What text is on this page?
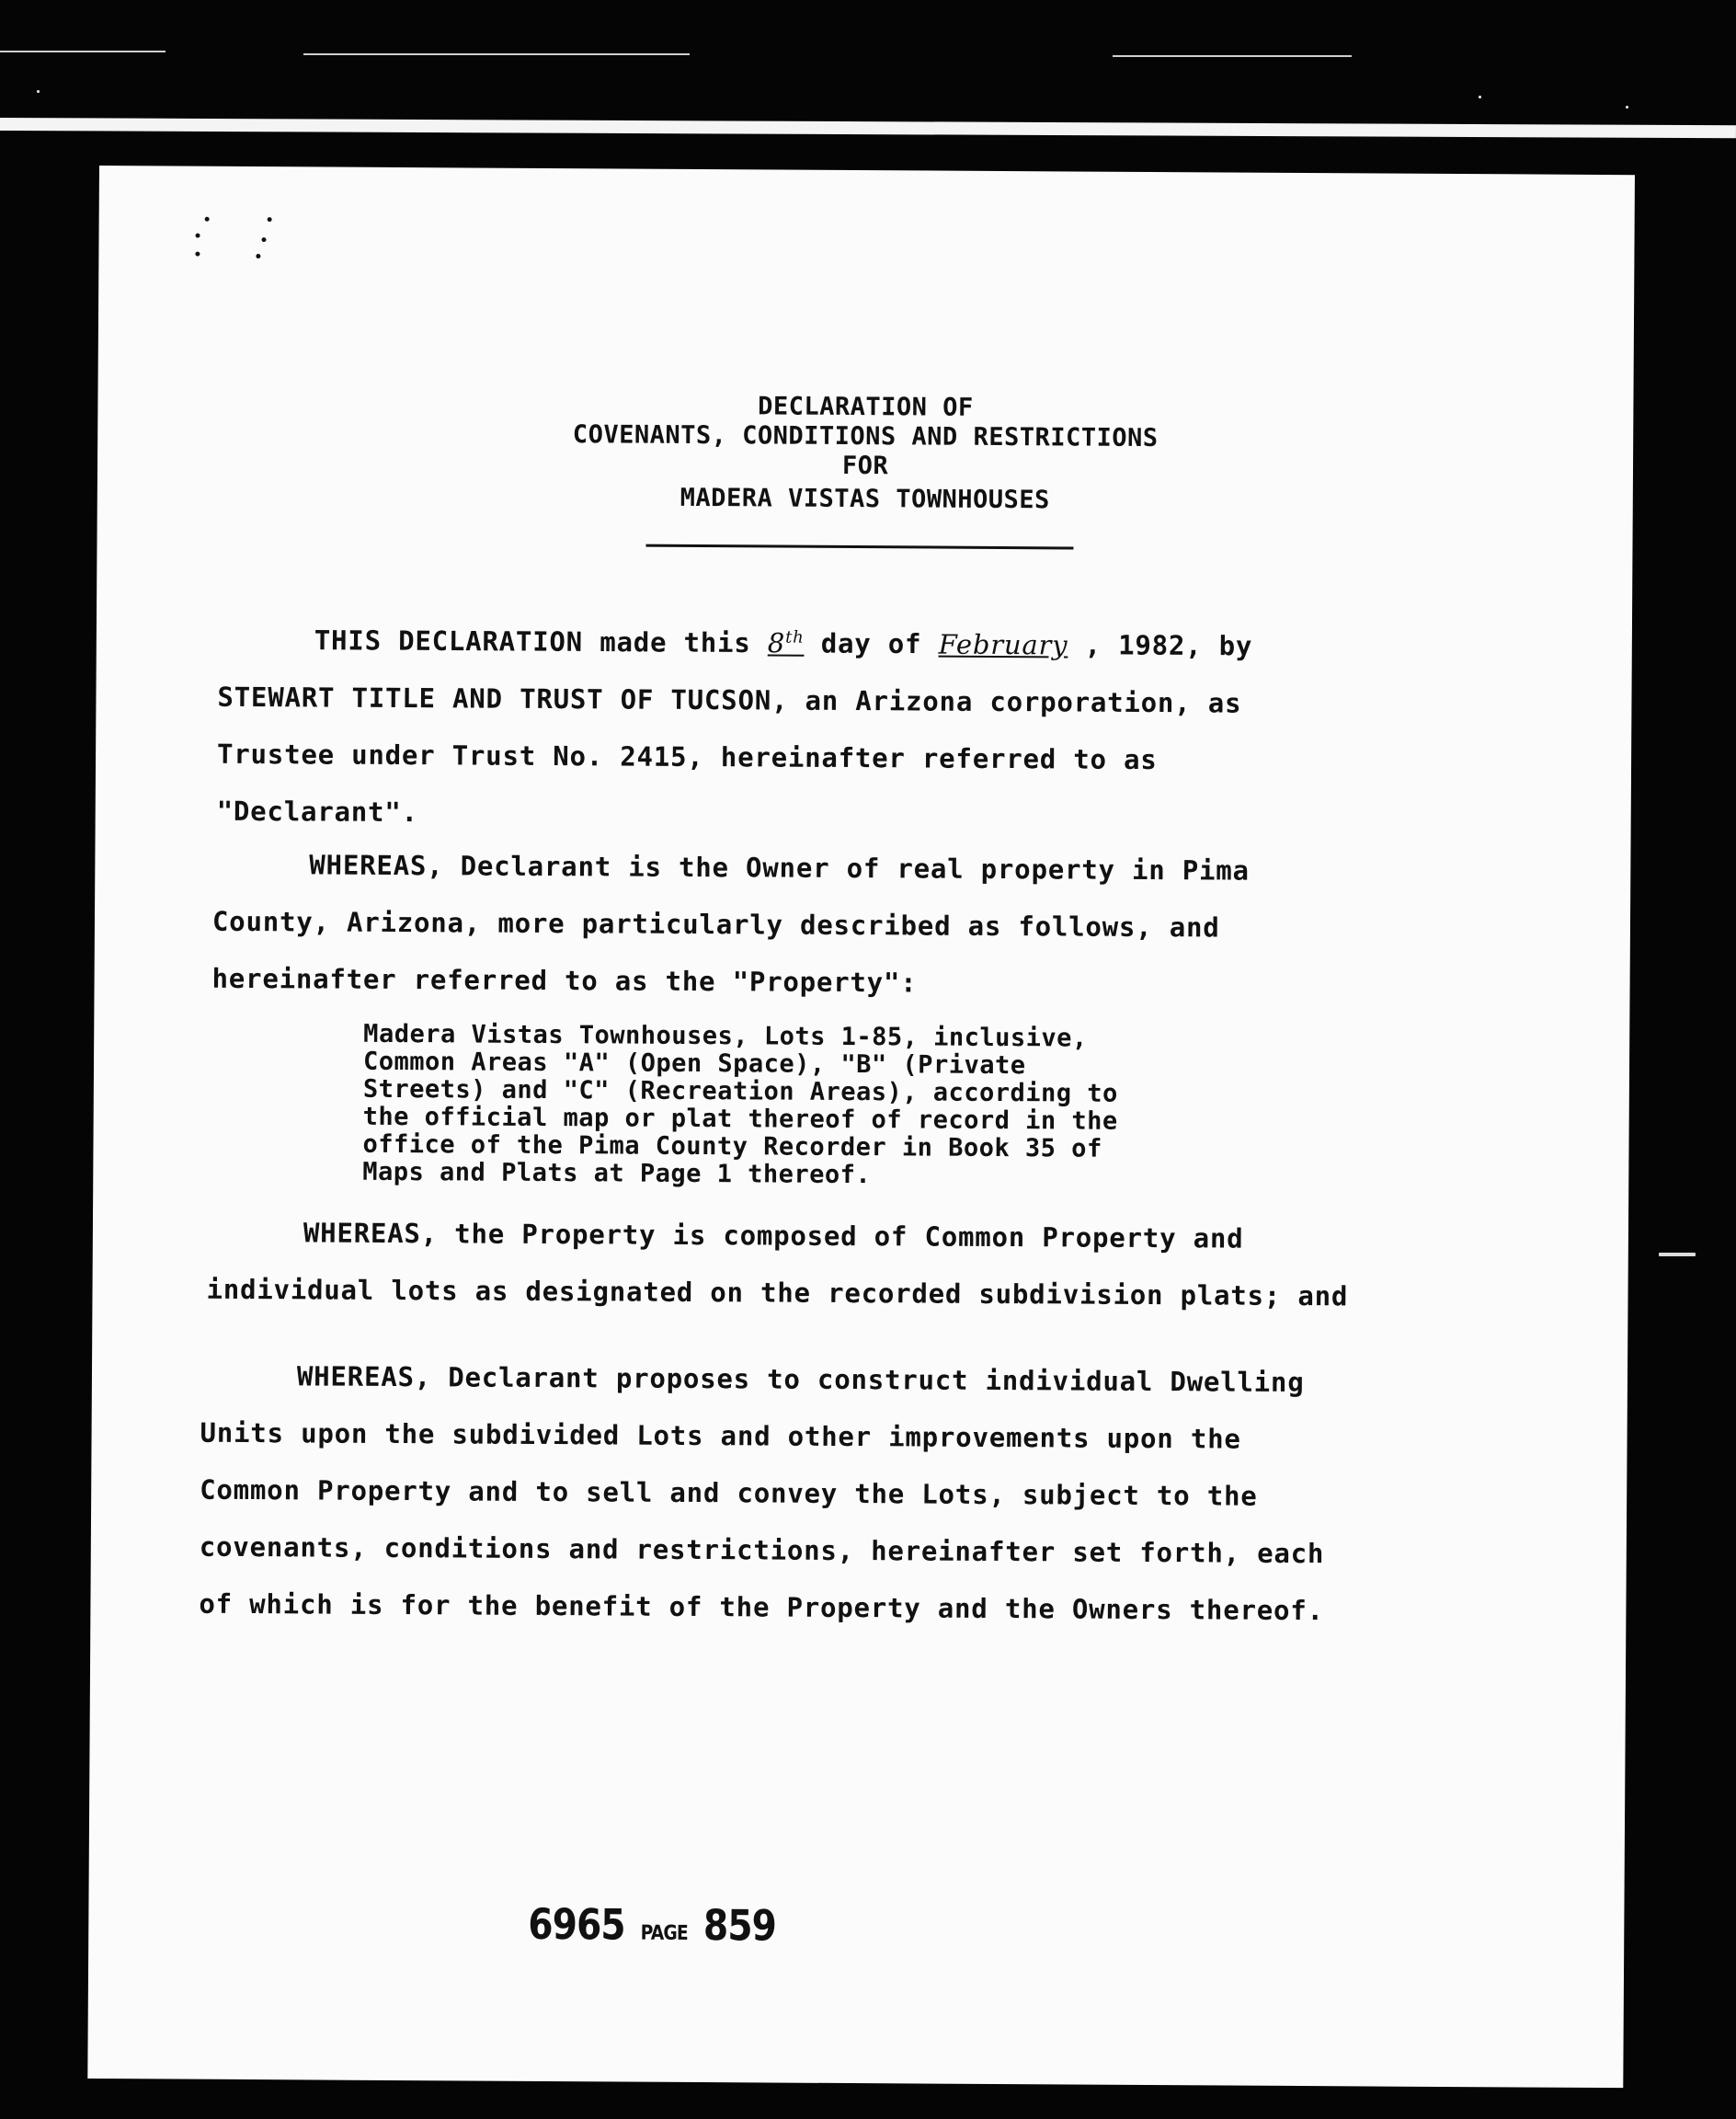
DECLARATION OF
COVENANTS, CONDITIONS AND RESTRICTIONS
FOR

MADERA VISTAS TOWNHOUSES

THIS DECLARATION made this 8th day of February , 1982, by STEWART TITLE AND TRUST OF TUCSON, an Arizona corporation, as Trustee under Trust No. 2415, hereinafter referred to as "Declarant".

WHEREAS, Declarant is the Owner of real property in Pima County, Arizona, more particularly described as follows, and hereinafter referred to as the "Property":

Madera Vistas Townhouses, Lots 1-85, inclusive, Common Areas "A" (Open Space), "B" (Private Streets) and "C" (Recreation Areas), according to the official map or plat thereof of record in the office of the Pima County Recorder in Book 35 of Maps and Plats at Page 1 thereof.

WHEREAS, the Property is composed of Common Property and individual lots as designated on the recorded subdivision plats; and

WHEREAS, Declarant proposes to construct individual Dwelling Units upon the subdivided Lots and other improvements upon the Common Property and to sell and convey the Lots, subject to the covenants, conditions and restrictions, hereinafter set forth, each of which is for the benefit of the Property and the Owners thereof.

6965 PAGE 859
